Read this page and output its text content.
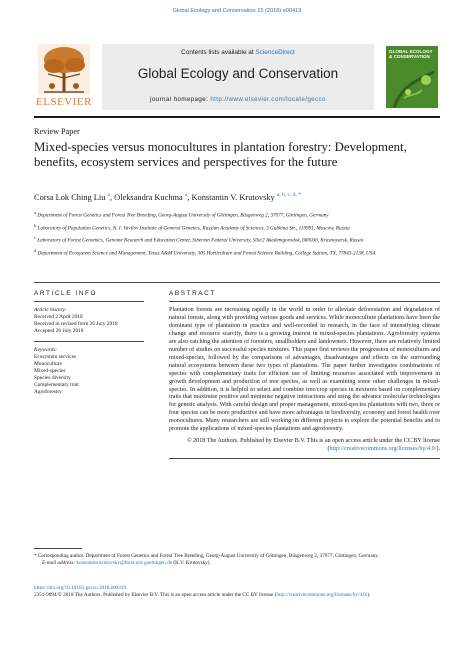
Global Ecology and Conservation 15 (2018) e00419
ELSEVIER
Contents lists available at ScienceDirect
Global Ecology and Conservation
journal homepage: http://www.elsevier.com/locate/gecco
GLOBAL ECOLOGY & CONSERVATION
Review Paper
Mixed-species versus monocultures in plantation forestry: Development, benefits, ecosystem services and perspectives for the future
Corsa Lok Ching Liu $^a$, Oleksandra Kuchma $^a$, Konstantin V. Krutovsky $^{a, b, c, d, *}$

$^a$ Department of Forest Genetics and Forest Tree Breeding, Georg-August University of Göttingen, Büsgenweg 2, 37077, Göttingen, Germany

$^b$ Laboratory of Population Genetics, N. I. Vavilov Institute of General Genetics, Russian Academy of Sciences, 3 Gubkina Str., 119991, Moscow, Russia

$^c$ Laboratory of Forest Genomics, Genome Research and Education Center, Siberian Federal University, 50a/2 Akademgorodok, 660036, Krasnoyarsk, Russia

$^d$ Department of Ecosystem Science and Management, Texas A&M University, 305 Horticulture and Forest Science Building, College Station, TX, 77843-2138, USA

ARTICLE INFO
Article history:
Received 2 April 2018
Received in revised form 26 July 2018
Accepted 26 July 2018
Keywords:
Ecosystem services
Monoculture
Mixed-species
Species diversity
Complementary trait
Agroforestry
ABSTRACT
Plantation forests are increasing rapidly in the world in order to alleviate deforestation and degradation of natural forests, along with providing various goods and services. While monoculture plantations have been the dominant type of plantation in practice and well-recorded in research, in the face of intensifying climate change and resource scarcity, there is a growing interest in mixed-species plantations. Agroforestry systems are also catching the attention of foresters, smallholders and landowners. However, there are relatively limited number of studies on successful species mixtures. This paper first reviews the progression of monocultures and mixed-species, followed by the comparisons of advantages, disadvantages and effects on the surrounding natural ecosystems between these two types of plantations. The paper further investigates combinations of species with complementary traits for efficient use of limiting resources associated with improvement in growth development and production of tree species, as well as examining some other challenges in mixed-species. In addition, it is helpful to select and combine tree/crop species in mixtures based on complementary traits that maximise positive and minimise negative interactions and using the advance molecular technologies for genetic analysis. With careful design and proper management, mixed-species plantations with two, three or four species can be more productive and have more advantages in biodiversity, economy and forest health over monocultures. Many researchers are still working on different projects to explore the potential benefits and to promote the applications of mixed-species plantations and agroforestry.
© 2018 The Authors. Published by Elsevier B.V. This is an open access article under the CC BY license (http://creativecommons.org/licenses/by/4.0/).
* Corresponding author. Department of Forest Genetics and Forest Tree Breeding, Georg-August University of Göttingen, Büsgenweg 2, 37077, Göttingen, Germany.
E-mail address: konstantin.krutovsky@forst.uni-goettingen.de (K.V. Krutovsky).
https://doi.org/10.1016/j.gecco.2018.e00419
2351-9894/© 2018 The Authors. Published by Elsevier B.V. This is an open access article under the CC BY license (http://creativecommons.org/licenses/by/4.0/).
